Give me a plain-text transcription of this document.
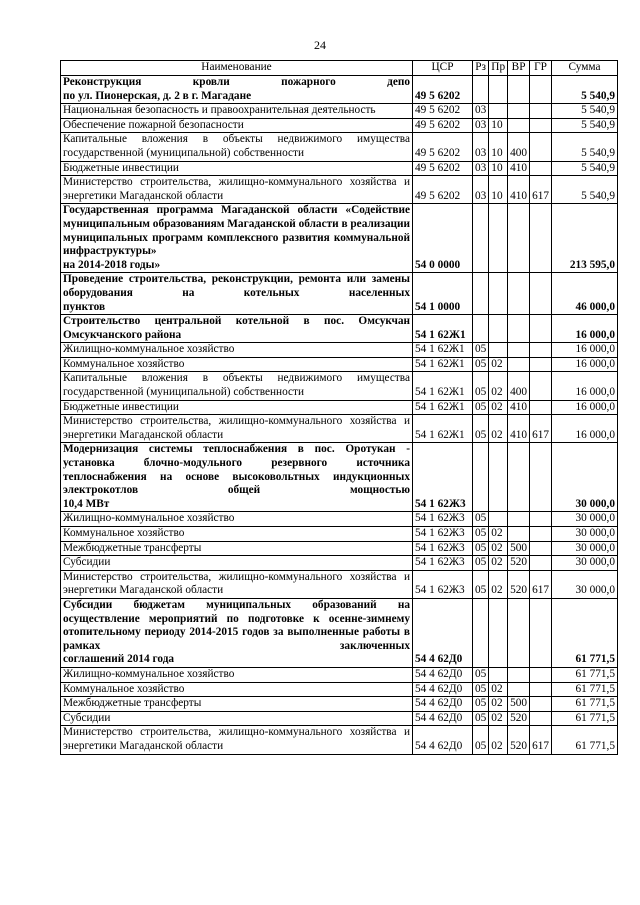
24
Наименование	ЦСР	Рз	Пр	ВР	ГР	Сумма

Реконструкция кровли пожарного депо
по ул. Пионерская, д. 2 в г. Магадане	49 5 6202					5 540,9
Национальная безопасность и правоохранительная деятельность	49 5 6202	03				5 540,9
Обеспечение пожарной безопасности	49 5 6202	03	10			5 540,9
Капитальные вложения в объекты недвижимого имущества государственной (муниципальной) собственности	49 5 6202	03	10	400		5 540,9
Бюджетные инвестиции	49 5 6202	03	10	410		5 540,9
Министерство строительства, жилищно-коммунального хозяйства и энергетики Магаданской области	49 5 6202	03	10	410	617	5 540,9

Государственная программа Магаданской области «Содействие муниципальным образованиям Магаданской области в реализации муниципальных программ комплексного развития коммунальной инфраструктуры»
на 2014-2018 годы»	54 0 0000					213 595,0

Проведение строительства, реконструкции, ремонта или замены оборудования на котельных населенных
пунктов	54 1 0000					46 000,0

Строительство центральной котельной в пос. Омсукчан
Омсукчанского района	54 1 62Ж1					16 000,0
Жилищно-коммунальное хозяйство	54 1 62Ж1	05				16 000,0
Коммунальное хозяйство	54 1 62Ж1	05	02			16 000,0
Капитальные вложения в объекты недвижимого имущества государственной (муниципальной) собственности	54 1 62Ж1	05	02	400		16 000,0
Бюджетные инвестиции	54 1 62Ж1	05	02	410		16 000,0
Министерство строительства, жилищно-коммунального хозяйства и энергетики Магаданской области	54 1 62Ж1	05	02	410	617	16 000,0

Модернизация системы теплоснабжения в пос. Оротукан - установка блочно-модульного резервного источника теплоснабжения на основе высоковольтных индукционных электрокотлов общей мощностью
10,4 МВт	54 1 62Ж3					30 000,0
Жилищно-коммунальное хозяйство	54 1 62Ж3	05				30 000,0
Коммунальное хозяйство	54 1 62Ж3	05	02			30 000,0
Межбюджетные трансферты	54 1 62Ж3	05	02	500		30 000,0
Субсидии	54 1 62Ж3	05	02	520		30 000,0
Министерство строительства, жилищно-коммунального хозяйства и энергетики Магаданской области	54 1 62Ж3	05	02	520	617	30 000,0

Субсидии бюджетам муниципальных образований на осуществление мероприятий по подготовке к осенне-зимнему отопительному периоду 2014-2015 годов за выполненные работы в рамках заключенных
соглашений 2014 года	54 4 62Д0					61 771,5
Жилищно-коммунальное хозяйство	54 4 62Д0	05				61 771,5
Коммунальное хозяйство	54 4 62Д0	05	02			61 771,5
Межбюджетные трансферты	54 4 62Д0	05	02	500		61 771,5
Субсидии	54 4 62Д0	05	02	520		61 771,5
Министерство строительства, жилищно-коммунального хозяйства и энергетики Магаданской области	54 4 62Д0	05	02	520	617	61 771,5
